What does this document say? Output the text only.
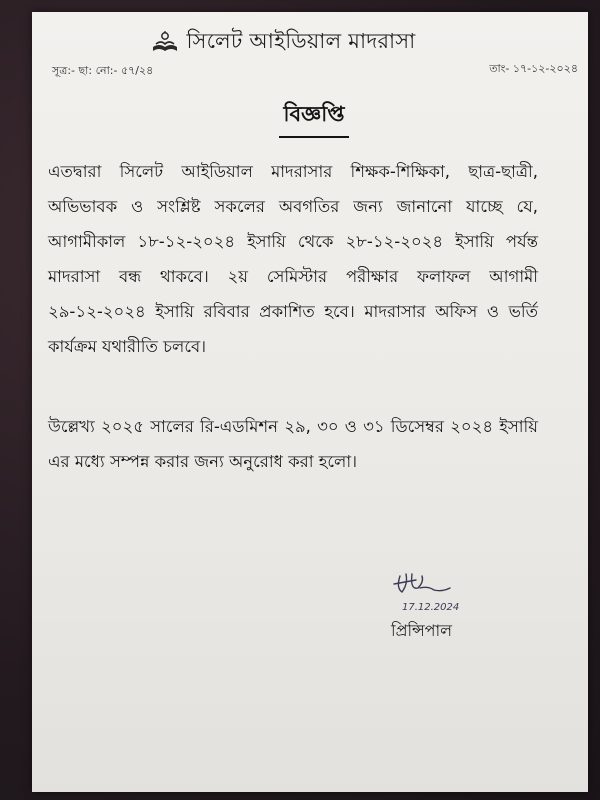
সিলেট আইডিয়াল মাদরাসা
সূত্র:- ছা: নো:- ৫৭/২৪	তাং- ১৭-১২-২০২৪
বিজ্ঞপ্তি
এতদ্বারা সিলেট আইডিয়াল মাদরাসার শিক্ষক-শিক্ষিকা, ছাত্র-ছাত্রী, অভিভাবক ও সংশ্লিষ্ট সকলের অবগতির জন্য জানানো যাচ্ছে যে, আগামীকাল ১৮-১২-২০২৪ ইসায়ি থেকে ২৮-১২-২০২৪ ইসায়ি পর্যন্ত মাদরাসা বন্ধ থাকবে। ২য় সেমিস্টার পরীক্ষার ফলাফল আগামী ২৯-১২-২০২৪ ইসায়ি রবিবার প্রকাশিত হবে। মাদরাসার অফিস ও ভর্তি কার্যক্রম যথারীতি চলবে।
উল্লেখ্য ২০২৫ সালের রি-এডমিশন ২৯, ৩০ ও ৩১ ডিসেম্বর ২০২৪ ইসায়ি এর মধ্যে সম্পন্ন করার জন্য অনুরোধ করা হলো।
17.12.2024
প্রিন্সিপাল
